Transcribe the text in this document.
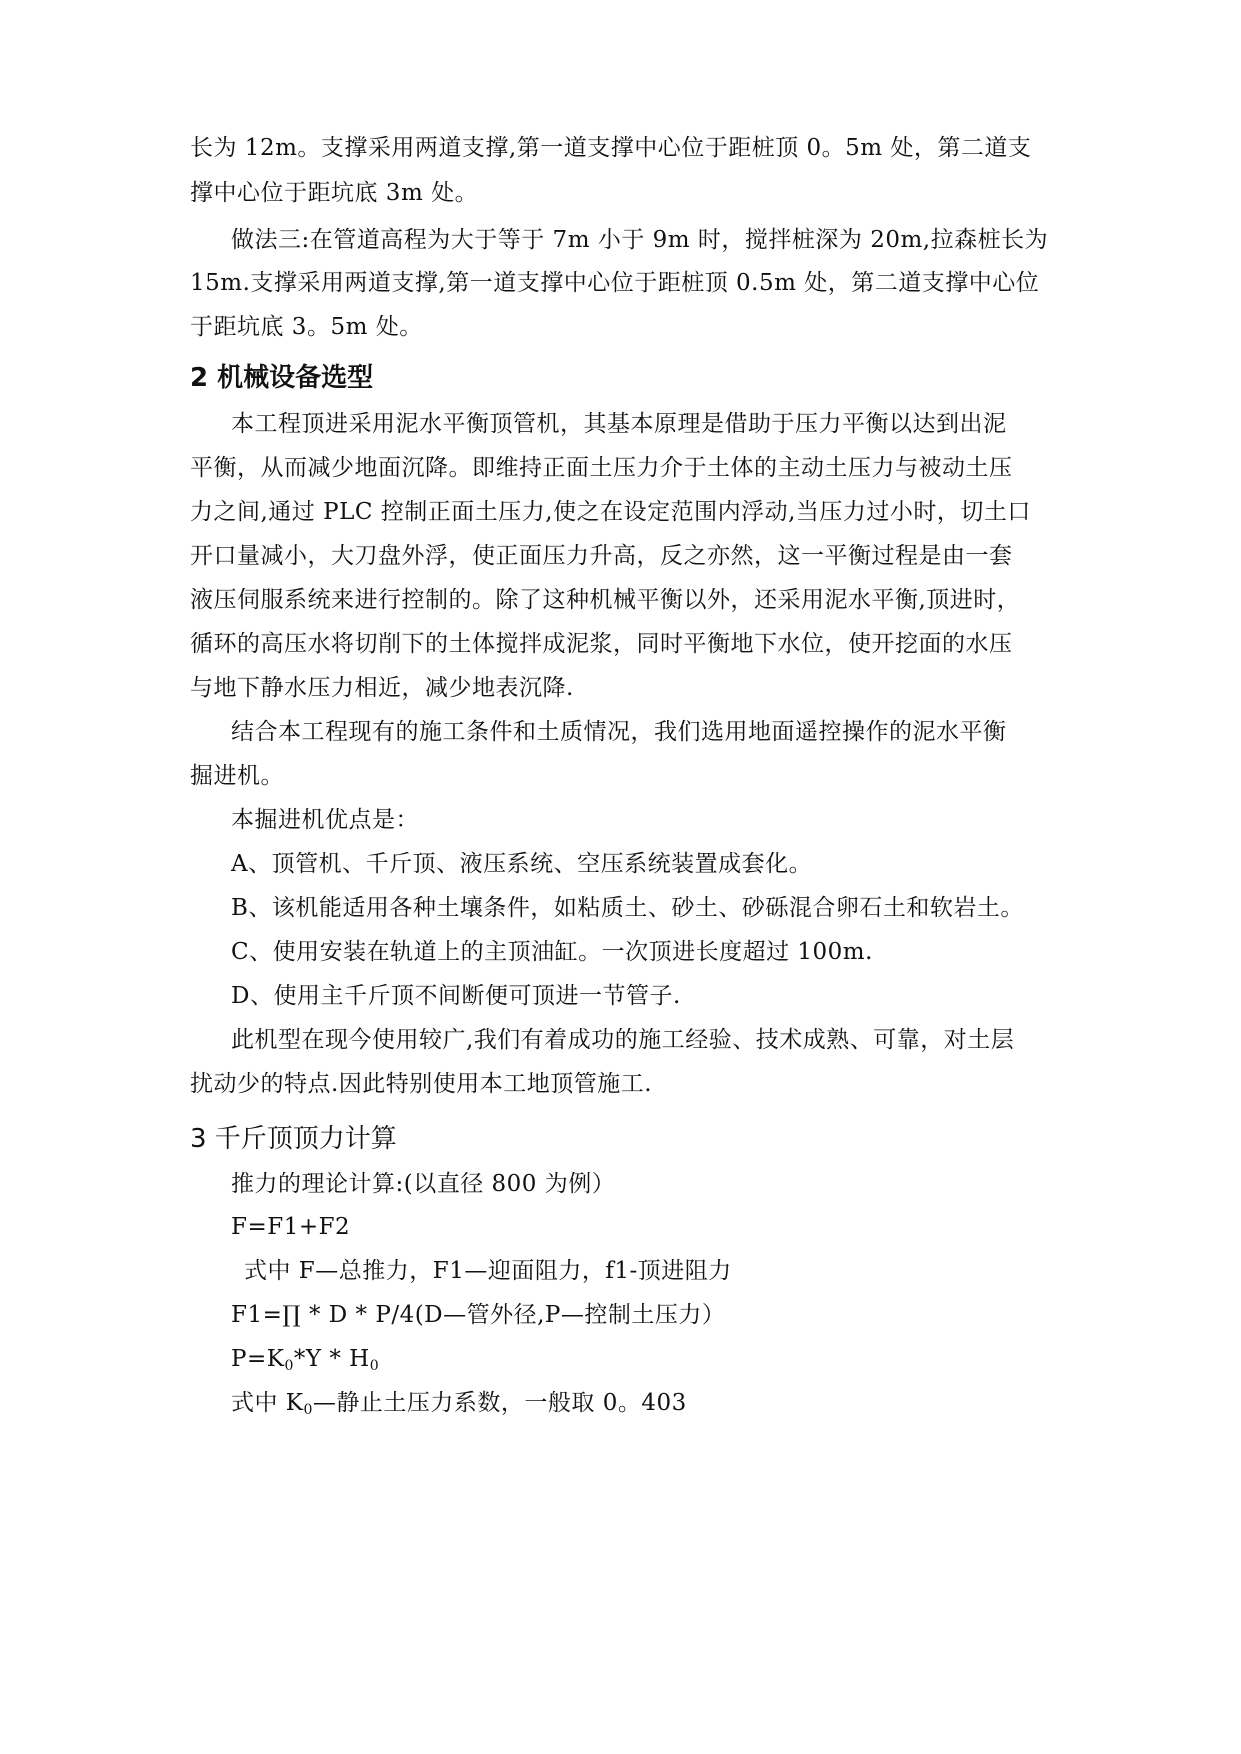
长为 12m。支撑采用两道支撑,第一道支撑中心位于距桩顶 0。5m 处，第二道支

撑中心位于距坑底 3m 处。

做法三:在管道高程为大于等于 7m 小于 9m 时，搅拌桩深为 20m,拉森桩长为

15m.支撑采用两道支撑,第一道支撑中心位于距桩顶 0.5m 处，第二道支撑中心位

于距坑底 3。5m 处。

2 机械设备选型

本工程顶进采用泥水平衡顶管机，其基本原理是借助于压力平衡以达到出泥

平衡，从而减少地面沉降。即维持正面土压力介于土体的主动土压力与被动土压

力之间,通过 PLC 控制正面土压力,使之在设定范围内浮动,当压力过小时，切土口

开口量减小，大刀盘外浮，使正面压力升高，反之亦然，这一平衡过程是由一套

液压伺服系统来进行控制的。除了这种机械平衡以外，还采用泥水平衡,顶进时，

循环的高压水将切削下的土体搅拌成泥浆，同时平衡地下水位，使开挖面的水压

与地下静水压力相近，减少地表沉降.

结合本工程现有的施工条件和土质情况，我们选用地面遥控操作的泥水平衡

掘进机。

本掘进机优点是：

A、顶管机、千斤顶、液压系统、空压系统装置成套化。

B、该机能适用各种土壤条件，如粘质土、砂土、砂砾混合卵石土和软岩土。

C、使用安装在轨道上的主顶油缸。一次顶进长度超过 100m.

D、使用主千斤顶不间断便可顶进一节管子.

此机型在现今使用较广,我们有着成功的施工经验、技术成熟、可靠，对土层

扰动少的特点.因此特别使用本工地顶管施工.

3 千斤顶顶力计算

推力的理论计算:(以直径 800 为例）

F=F1+F2

式中 F—总推力，F1—迎面阻力，f1-顶进阻力

F1=∏ * D * P/4(D—管外径,P—控制土压力）

$P=K_0*Y * H_0$

式中 $K_0—$静止土压力系数，一般取 0。403
